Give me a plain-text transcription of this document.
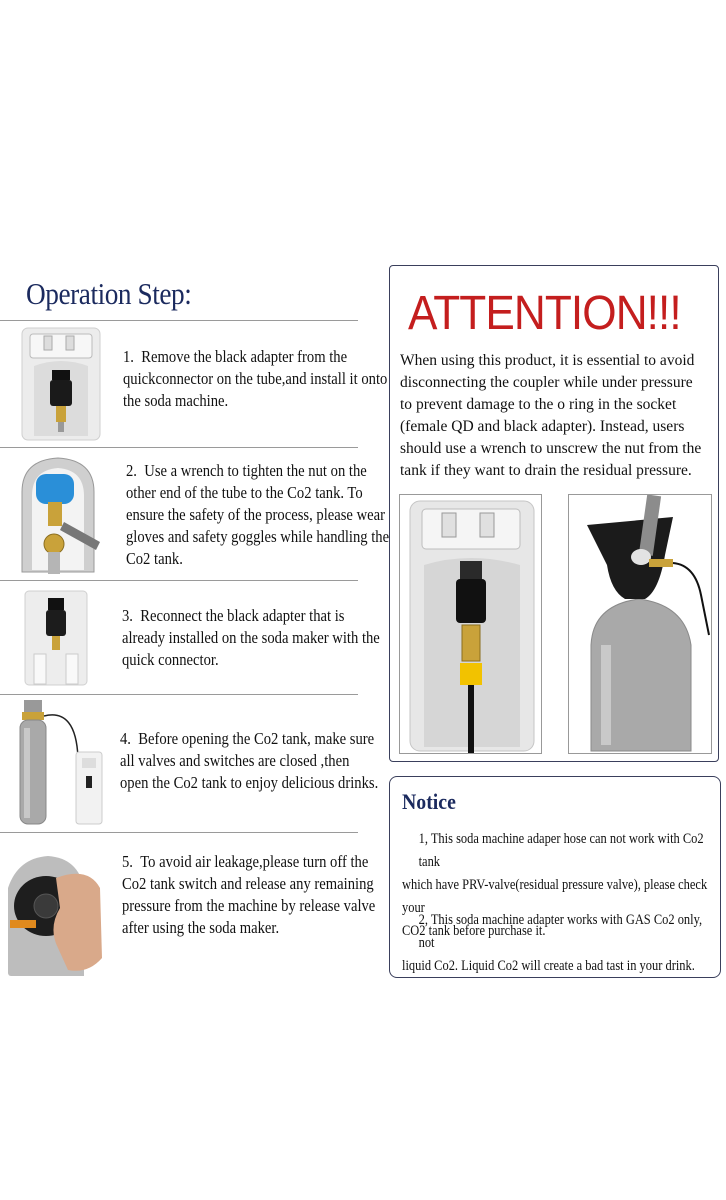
Operation Step:
1. Remove the black adapter from the
quickconnector on the tube,and install it onto
the soda machine.
2. Use a wrench to tighten the nut on the
other end of the tube to the Co2 tank. To
ensure the safety of the process, please wear
gloves and safety goggles while handling the
Co2 tank.
3. Reconnect the black adapter that is
already installed on the soda maker with the
quick connector.
4. Before opening the Co2 tank, make sure
all valves and switches are closed ,then
open the Co2 tank to enjoy delicious drinks.
5. To avoid air leakage,please turn off the
Co2 tank switch and release any remaining
pressure from the machine by release valve
after using the soda maker.
ATTENTION!!!
When using this product, it is essential to avoid
disconnecting the coupler while under pressure
to prevent damage to the o ring in the socket
(female QD and black adapter). Instead, users
should use a wrench to unscrew the nut from the
tank if they want to drain the residual pressure.
Notice
1, This soda machine adaper hose can not work with Co2 tank
which have PRV-valve(residual pressure valve), please check your
CO2 tank before purchase it.
2, This soda machine adapter works with GAS Co2 only, not
liquid Co2. Liquid Co2 will create a bad tast in your drink.
